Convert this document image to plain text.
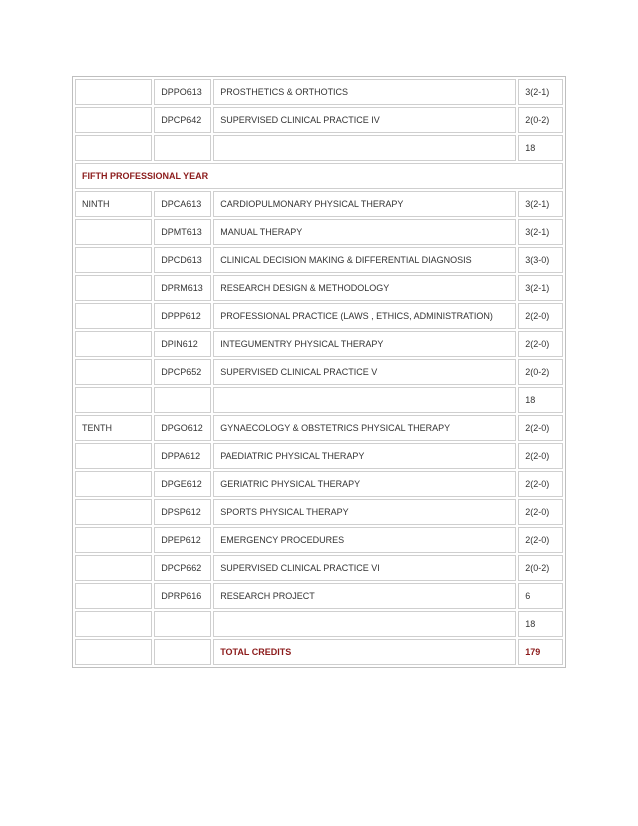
	DPPO613	PROSTHETICS & ORTHOTICS	3(2-1)
	DPCP642	SUPERVISED CLINICAL PRACTICE IV	2(0-2)
			18
FIFTH PROFESSIONAL YEAR			
NINTH	DPCA613	CARDIOPULMONARY PHYSICAL THERAPY	3(2-1)
	DPMT613	MANUAL THERAPY	3(2-1)
	DPCD613	CLINICAL DECISION MAKING & DIFFERENTIAL DIAGNOSIS	3(3-0)
	DPRM613	RESEARCH DESIGN & METHODOLOGY	3(2-1)
	DPPP612	PROFESSIONAL PRACTICE (LAWS , ETHICS, ADMINISTRATION)	2(2-0)
	DPIN612	INTEGUMENTRY PHYSICAL THERAPY	2(2-0)
	DPCP652	SUPERVISED CLINICAL PRACTICE V	2(0-2)
			18
TENTH	DPGO612	GYNAECOLOGY & OBSTETRICS PHYSICAL THERAPY	2(2-0)
	DPPA612	PAEDIATRIC PHYSICAL THERAPY	2(2-0)
	DPGE612	GERIATRIC PHYSICAL THERAPY	2(2-0)
	DPSP612	SPORTS PHYSICAL THERAPY	2(2-0)
	DPEP612	EMERGENCY PROCEDURES	2(2-0)
	DPCP662	SUPERVISED CLINICAL PRACTICE VI	2(0-2)
	DPRP616	RESEARCH PROJECT	6
			18
		TOTAL CREDITS	179
